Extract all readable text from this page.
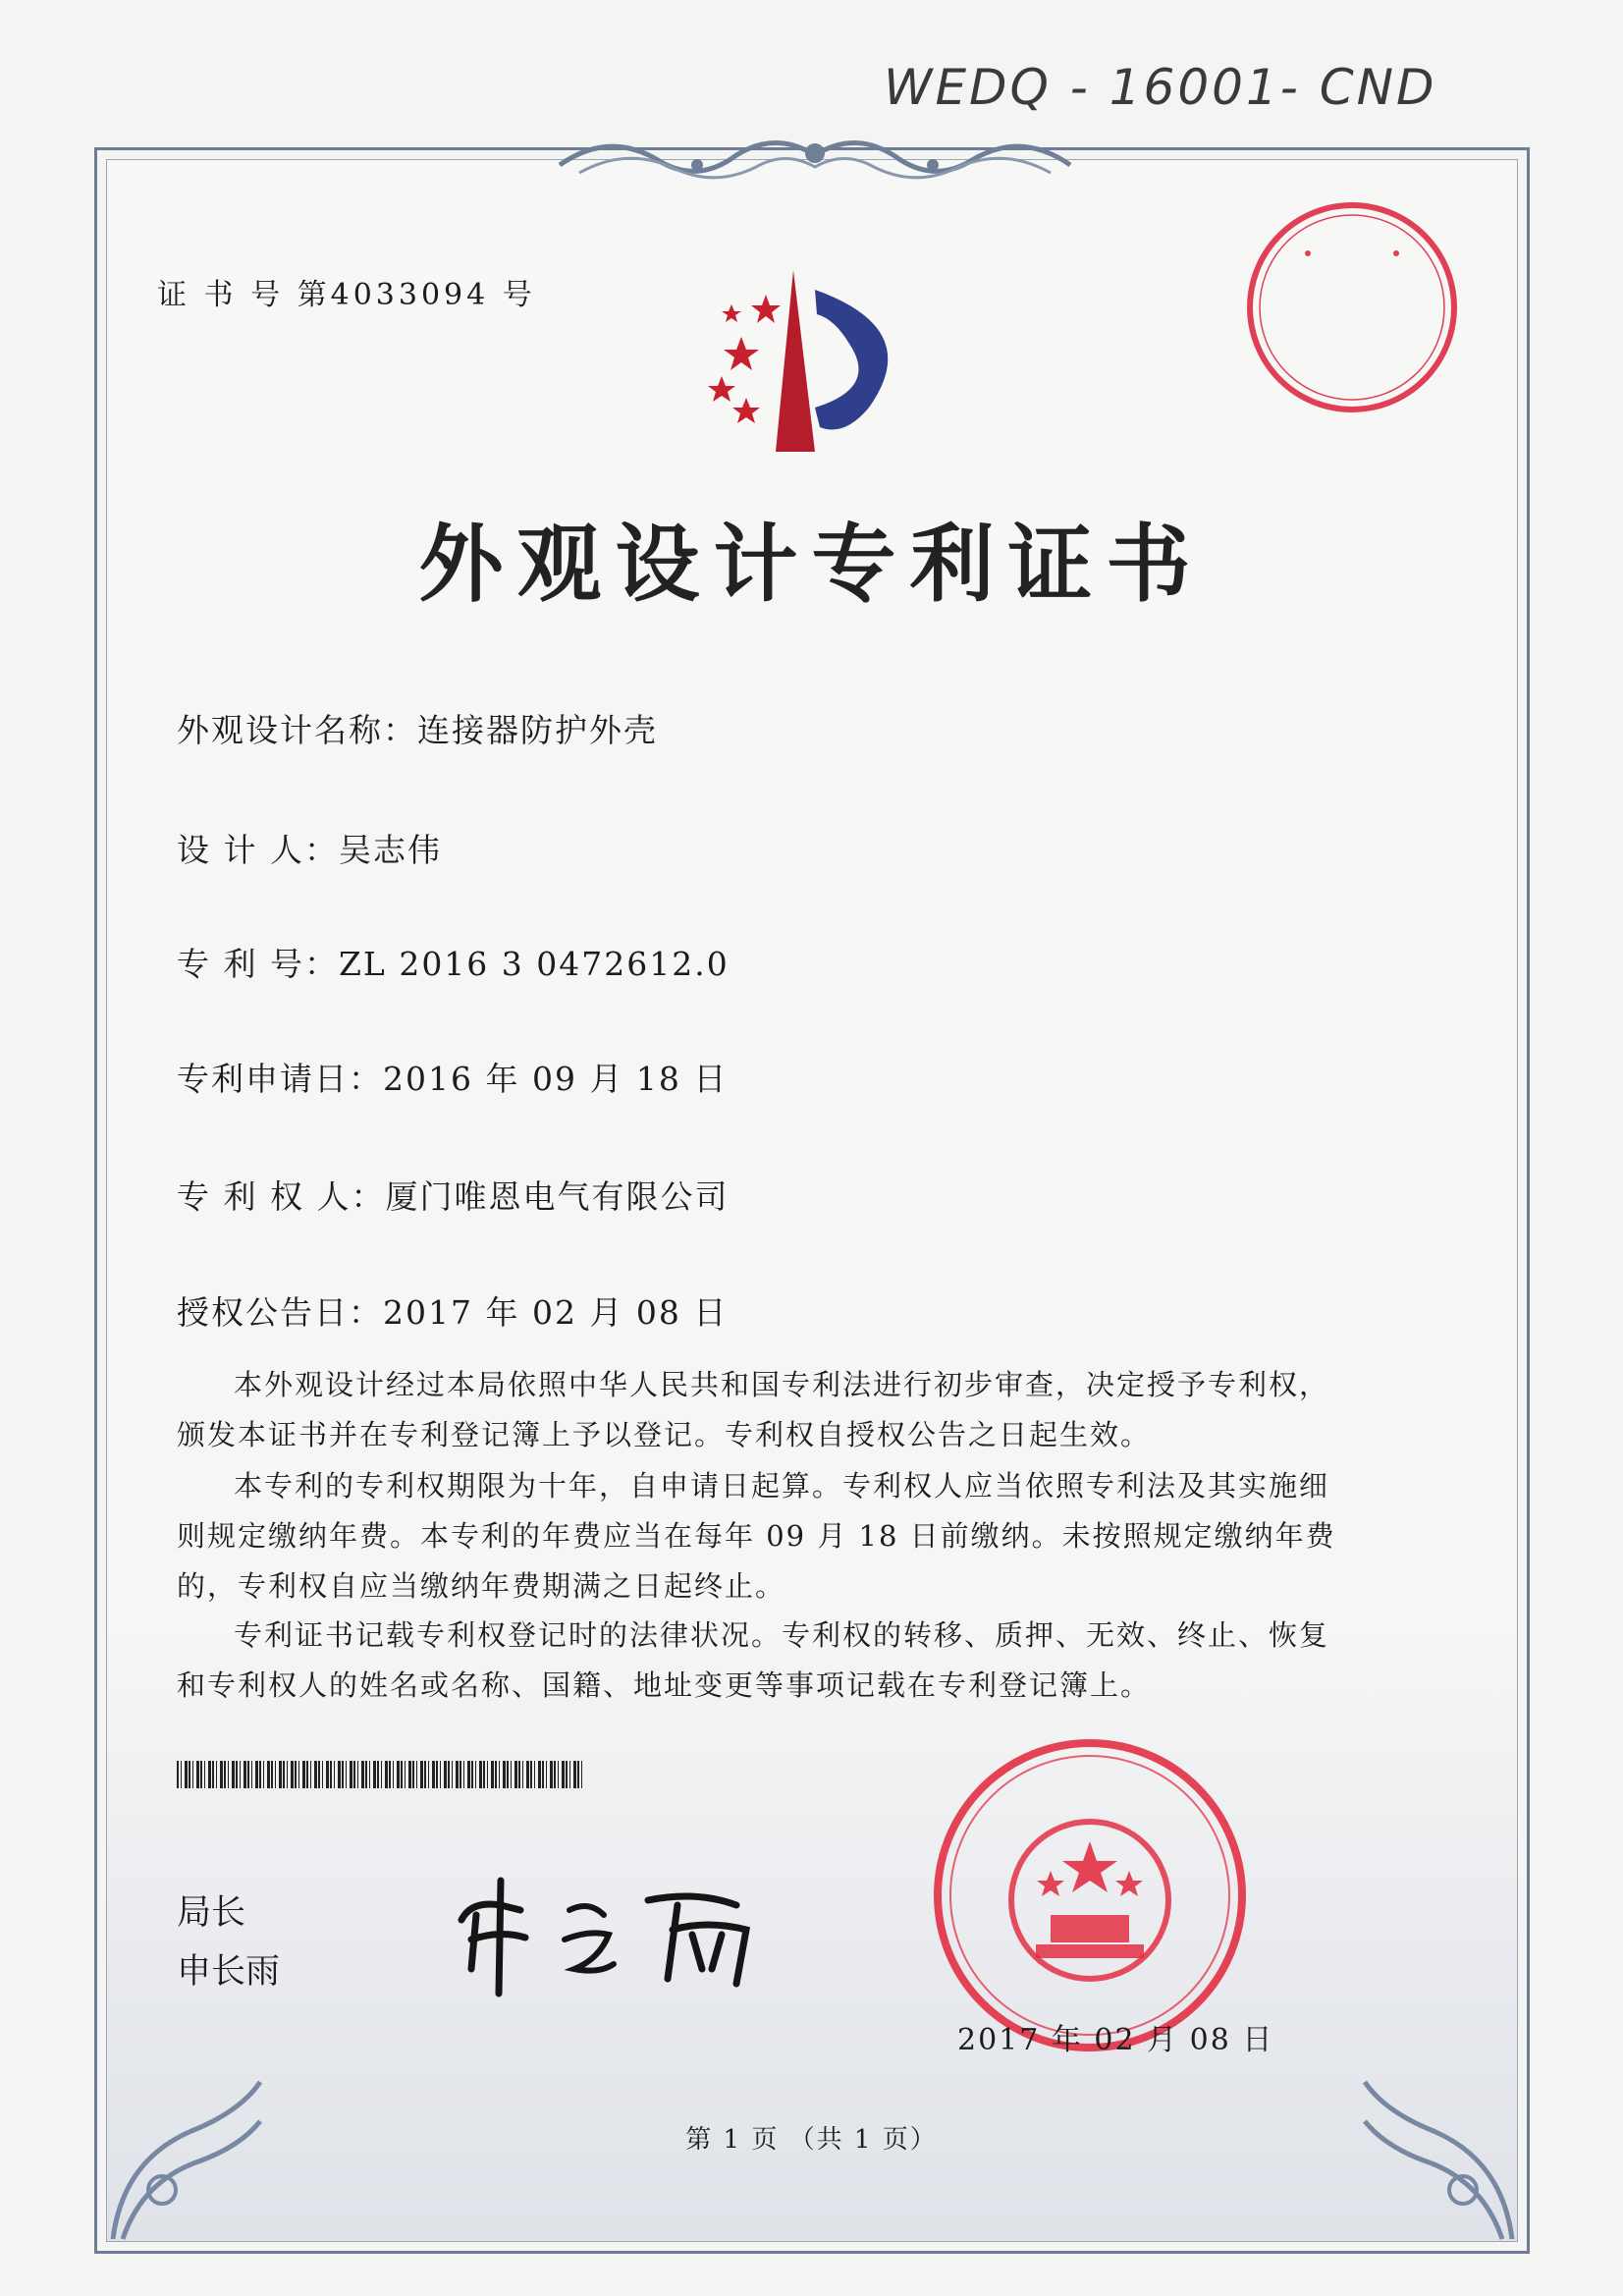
WEDQ - 16001- CND
证 书 号 第4033094 号
外观设计专利证书
外观设计名称：连接器防护外壳
设 计 人：吴志伟
专 利 号：ZL 2016 3 0472612.0
专利申请日：2016 年 09 月 18 日
专 利 权 人：厦门唯恩电气有限公司
授权公告日：2017 年 02 月 08 日
本外观设计经过本局依照中华人民共和国专利法进行初步审查，决定授予专利权，颁发本证书并在专利登记簿上予以登记。专利权自授权公告之日起生效。
本专利的专利权期限为十年，自申请日起算。专利权人应当依照专利法及其实施细则规定缴纳年费。本专利的年费应当在每年 09 月 18 日前缴纳。未按照规定缴纳年费的，专利权自应当缴纳年费期满之日起终止。
专利证书记载专利权登记时的法律状况。专利权的转移、质押、无效、终止、恢复和专利权人的姓名或名称、国籍、地址变更等事项记载在专利登记簿上。
局长
申长雨
2017 年 02 月 08 日
第 1 页 （共 1 页）
